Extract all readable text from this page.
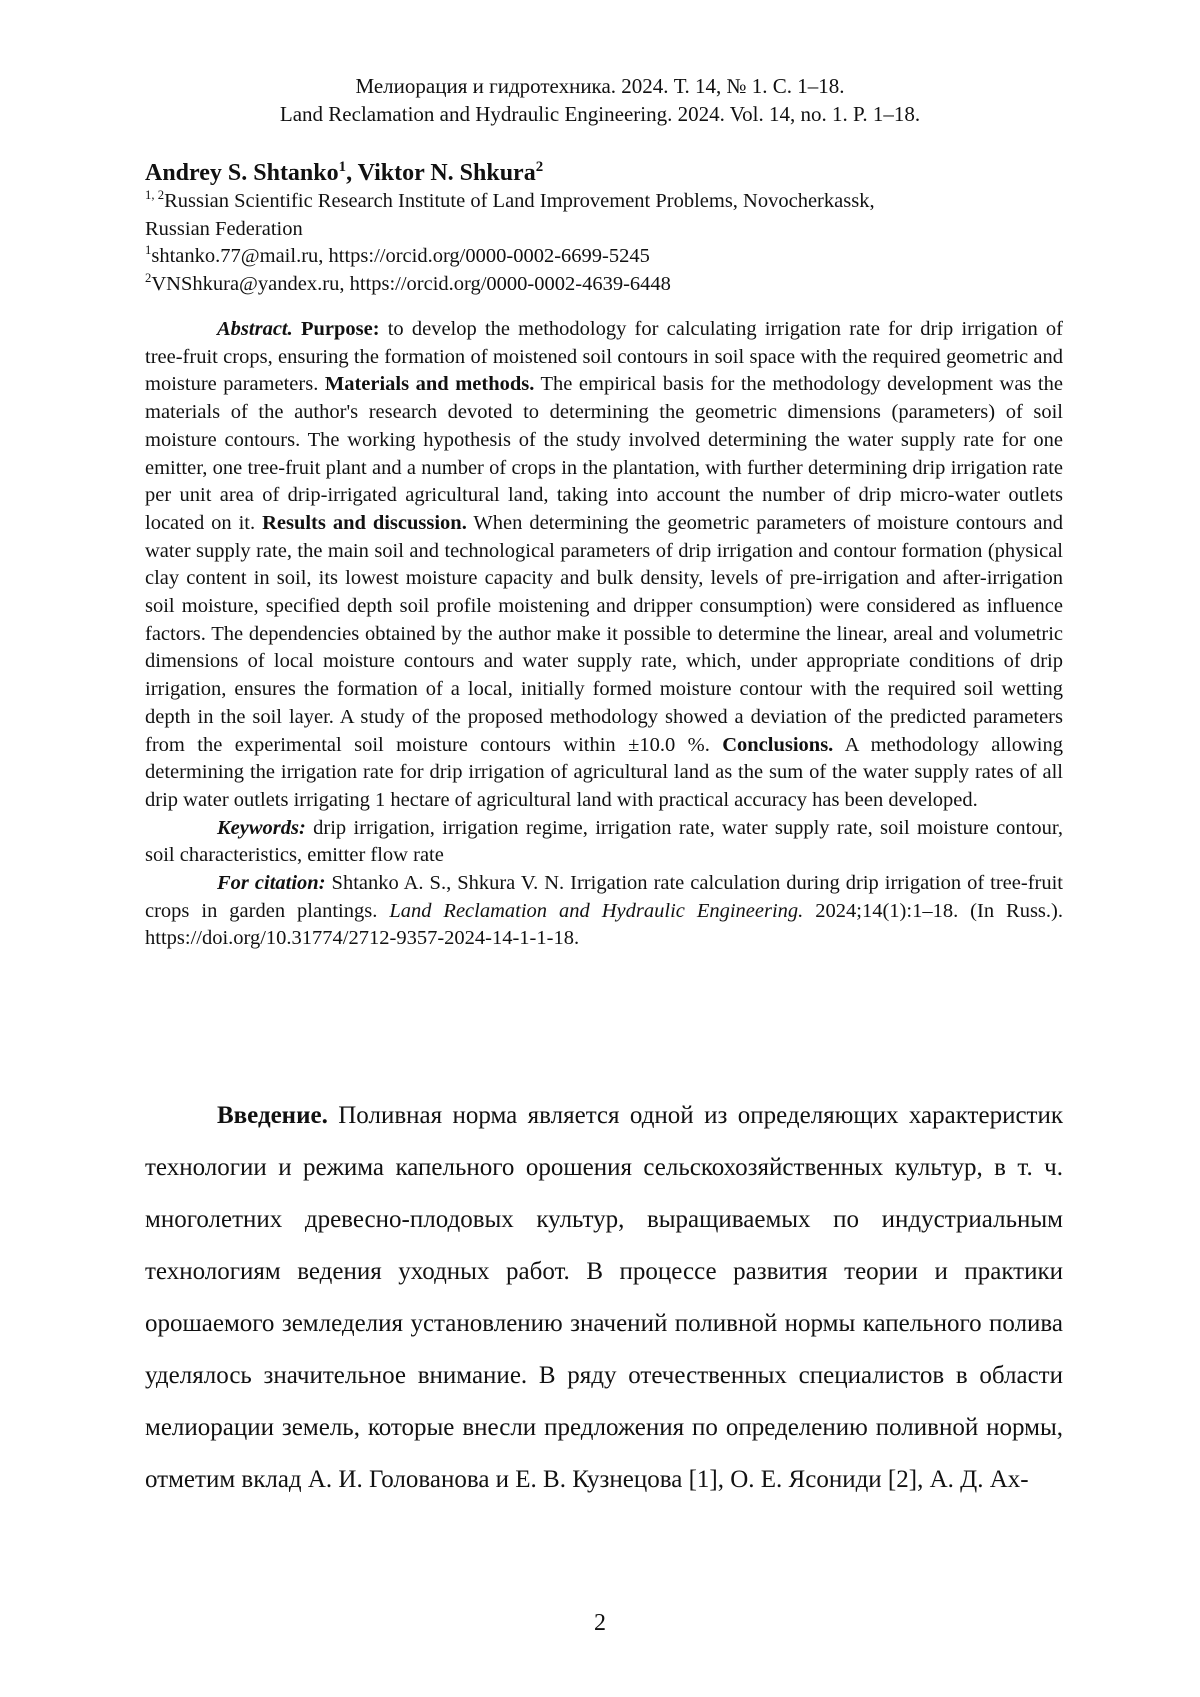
Мелиорация и гидротехника. 2024. Т. 14, № 1. С. 1–18.
Land Reclamation and Hydraulic Engineering. 2024. Vol. 14, no. 1. P. 1–18.
Andrey S. Shtanko$^1$, Viktor N. Shkura$^2$
$^{1, 2}$Russian Scientific Research Institute of Land Improvement Problems, Novocherkassk,
Russian Federation
$^1$shtanko.77@mail.ru, https://orcid.org/0000-0002-6699-5245
$^2$VNShkura@yandex.ru, https://orcid.org/0000-0002-4639-6448

Abstract. Purpose: to develop the methodology for calculating irrigation rate for drip irrigation of tree-fruit crops, ensuring the formation of moistened soil contours in soil space with the required geometric and moisture parameters. Materials and methods. The empirical basis for the methodology development was the materials of the author's research devoted to determining the geometric dimensions (parameters) of soil moisture contours. The working hypothesis of the study involved determining the water supply rate for one emitter, one tree-fruit plant and a number of crops in the plantation, with further determining drip irrigation rate per unit area of drip-irrigated agricultural land, taking into account the number of drip micro-water outlets located on it. Results and discussion. When determining the geometric parameters of moisture contours and water supply rate, the main soil and technological parameters of drip irrigation and contour formation (physical clay content in soil, its lowest moisture capacity and bulk density, levels of pre-irrigation and after-irrigation soil moisture, specified depth soil profile moistening and dripper consumption) were considered as influence factors. The dependencies obtained by the author make it possible to determine the linear, areal and volumetric dimensions of local moisture contours and water supply rate, which, under appropriate conditions of drip irrigation, ensures the formation of a local, initially formed moisture contour with the required soil wetting depth in the soil layer. A study of the proposed methodology showed a deviation of the predicted parameters from the experimental soil moisture contours within ±10.0 %. Conclusions. A methodology allowing determining the irrigation rate for drip irrigation of agricultural land as the sum of the water supply rates of all drip water outlets irrigating 1 hectare of agricultural land with practical accuracy has been developed.

Keywords: drip irrigation, irrigation regime, irrigation rate, water supply rate, soil moisture contour, soil characteristics, emitter flow rate

For citation: Shtanko A. S., Shkura V. N. Irrigation rate calculation during drip irrigation of tree-fruit crops in garden plantings. Land Reclamation and Hydraulic Engineering. 2024;14(1):1–18. (In Russ.). https://doi.org/10.31774/2712-9357-2024-14-1-1-18.

Введение. Поливная норма является одной из определяющих характеристик технологии и режима капельного орошения сельскохозяйственных культур, в т. ч. многолетних древесно-плодовых культур, выращиваемых по индустриальным технологиям ведения уходных работ. В процессе развития теории и практики орошаемого земледелия установлению значений поливной нормы капельного полива уделялось значительное внимание. В ряду отечественных специалистов в области мелиорации земель, которые внесли предложения по определению поливной нормы, отметим вклад А. И. Голованова и Е. В. Кузнецова [1], О. Е. Ясониди [2], А. Д. Ах-

2
